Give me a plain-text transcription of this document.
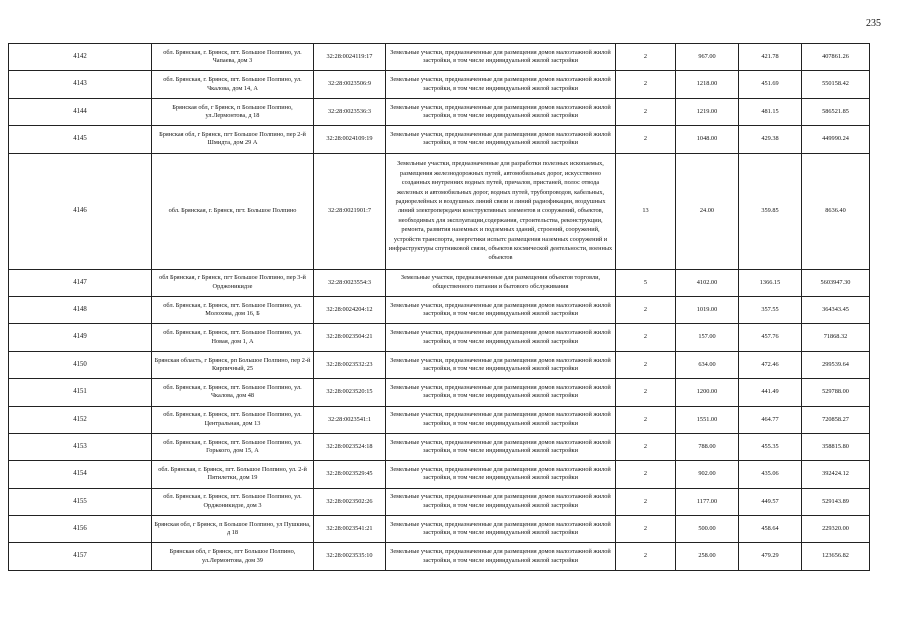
235
4142	обл. Брянская, г. Брянск, пгт. Большое Полпино, ул. Чапаева, дом 3	32:28:0024119:17	Земельные участки, предназначенные для размещения домов малоэтажной жилой застройки, в том числе индивидуальной жилой застройки	2	967.00	421.78	407861.26
4143	обл. Брянская, г. Брянск, пгт. Большое Полпино, ул. Чкалова, дом 14, А	32:28:0023506:9	Земельные участки, предназначенные для размещения домов малоэтажной жилой застройки, в том числе индивидуальной жилой застройки	2	1218.00	451.69	550158.42
4144	Брянская обл, г Брянск, п Большое Полпино, ул.Лермонтова, д 18	32:28:0023536:3	Земельные участки, предназначенные для размещения домов малоэтажной жилой застройки, в том числе индивидуальной жилой застройки	2	1219.00	481.15	586521.85
4145	Брянская обл, г Брянск, пгт Большое Полпино, пер 2-й Шмидта, дом 29 А	32:28:0024109:19	Земельные участки, предназначенные для размещения домов малоэтажной жилой застройки, в том числе индивидуальной жилой застройки	2	1048.00	429.38	449990.24
4146	обл. Брянская, г. Брянск, пгт. Большое Полпино	32:28:0021901:7	Земельные участки, предназначенные для разработки полезных ископаемых, размещения железнодорожных путей, автомобильных дорог, искусственно созданных внутренних водных путей, причалов, пристаней, полос отвода железных и автомобильных дорог, водных путей, трубопроводов, кабельных, радиорелейных и воздушных линий связи и линий радиофикации, воздушных линий электропередачи конструктивных элементов и сооружений, объектов, необходимых для эксплуатации,содержания, строительства, реконструкции, ремонта, развития наземных и подземных зданий, строений, сооружений, устройств транспорта, энергетики испытс размещения наземных сооружений и инфраструктуры спутниковой связи, объектов космической деятельности, военных объектов	13	24.00	359.85	8636.40
4147	обл Брянская, г Брянск, пгт Большое Полпино, пер 3-й Орджоникидзе	32:28:0023554:3	Земельные участки, предназначенные для размещения объектов торговли, общественного питания и бытового обслуживания	5	4102.00	1366.15	5603947.30
4148	обл. Брянская, г. Брянск, пгт. Большое Полпино, ул. Молохова, дом 16, Б	32:28:0024204:12	Земельные участки, предназначенные для размещения домов малоэтажной жилой застройки, в том числе индивидуальной жилой застройки	2	1019.00	357.55	364343.45
4149	обл. Брянская, г. Брянск, пгт. Большое Полпино, ул. Новая, дом 1, А	32:28:0023504:21	Земельные участки, предназначенные для размещения домов малоэтажной жилой застройки, в том числе индивидуальной жилой застройки	2	157.00	457.76	71868.32
4150	Брянская область, г Брянск, рп Большое Полпино, пер 2-й Кирпичный, 25	32:28:0023532:23	Земельные участки, предназначенные для размещения домов малоэтажной жилой застройки, в том числе индивидуальной жилой застройки	2	634.00	472.46	299539.64
4151	обл. Брянская, г. Брянск, пгт. Большое Полпино, ул. Чкалова, дом 48	32:28:0023520:15	Земельные участки, предназначенные для размещения домов малоэтажной жилой застройки, в том числе индивидуальной жилой застройки	2	1200.00	441.49	529788.00
4152	обл. Брянская, г. Брянск, пгт. Большое Полпино, ул. Центральная, дом 13	32:28:0023541:1	Земельные участки, предназначенные для размещения домов малоэтажной жилой застройки, в том числе индивидуальной жилой застройки	2	1551.00	464.77	720858.27
4153	обл. Брянская, г. Брянск, пгт. Большое Полпино, ул. Горького, дом 15, А	32:28:0023524:18	Земельные участки, предназначенные для размещения домов малоэтажной жилой застройки, в том числе индивидуальной жилой застройки	2	788.00	455.35	358815.80
4154	обл. Брянская, г. Брянск, пгт. Большое Полпино, ул. 2-й Пятилетки, дом 19	32:28:0023529:45	Земельные участки, предназначенные для размещения домов малоэтажной жилой застройки, в том числе индивидуальной жилой застройки	2	902.00	435.06	392424.12
4155	обл. Брянская, г. Брянск, пгт. Большое Полпино, ул. Орджоникидзе, дом 3	32:28:0023502:26	Земельные участки, предназначенные для размещения домов малоэтажной жилой застройки, в том числе индивидуальной жилой застройки	2	1177.00	449.57	529143.89
4156	Брянская обл, г Брянск, п Большое Полпино, ул Пушкина, д 18	32:28:0023541:21	Земельные участки, предназначенные для размещения домов малоэтажной жилой застройки, в том числе индивидуальной жилой застройки	2	500.00	458.64	229320.00
4157	Брянская обл, г Брянск, пгт Большое Полпино, ул.Лермонтова, дом 39	32:28:0023535:10	Земельные участки, предназначенные для размещения домов малоэтажной жилой застройки, в том числе индивидуальной жилой застройки	2	258.00	479.29	123656.82
